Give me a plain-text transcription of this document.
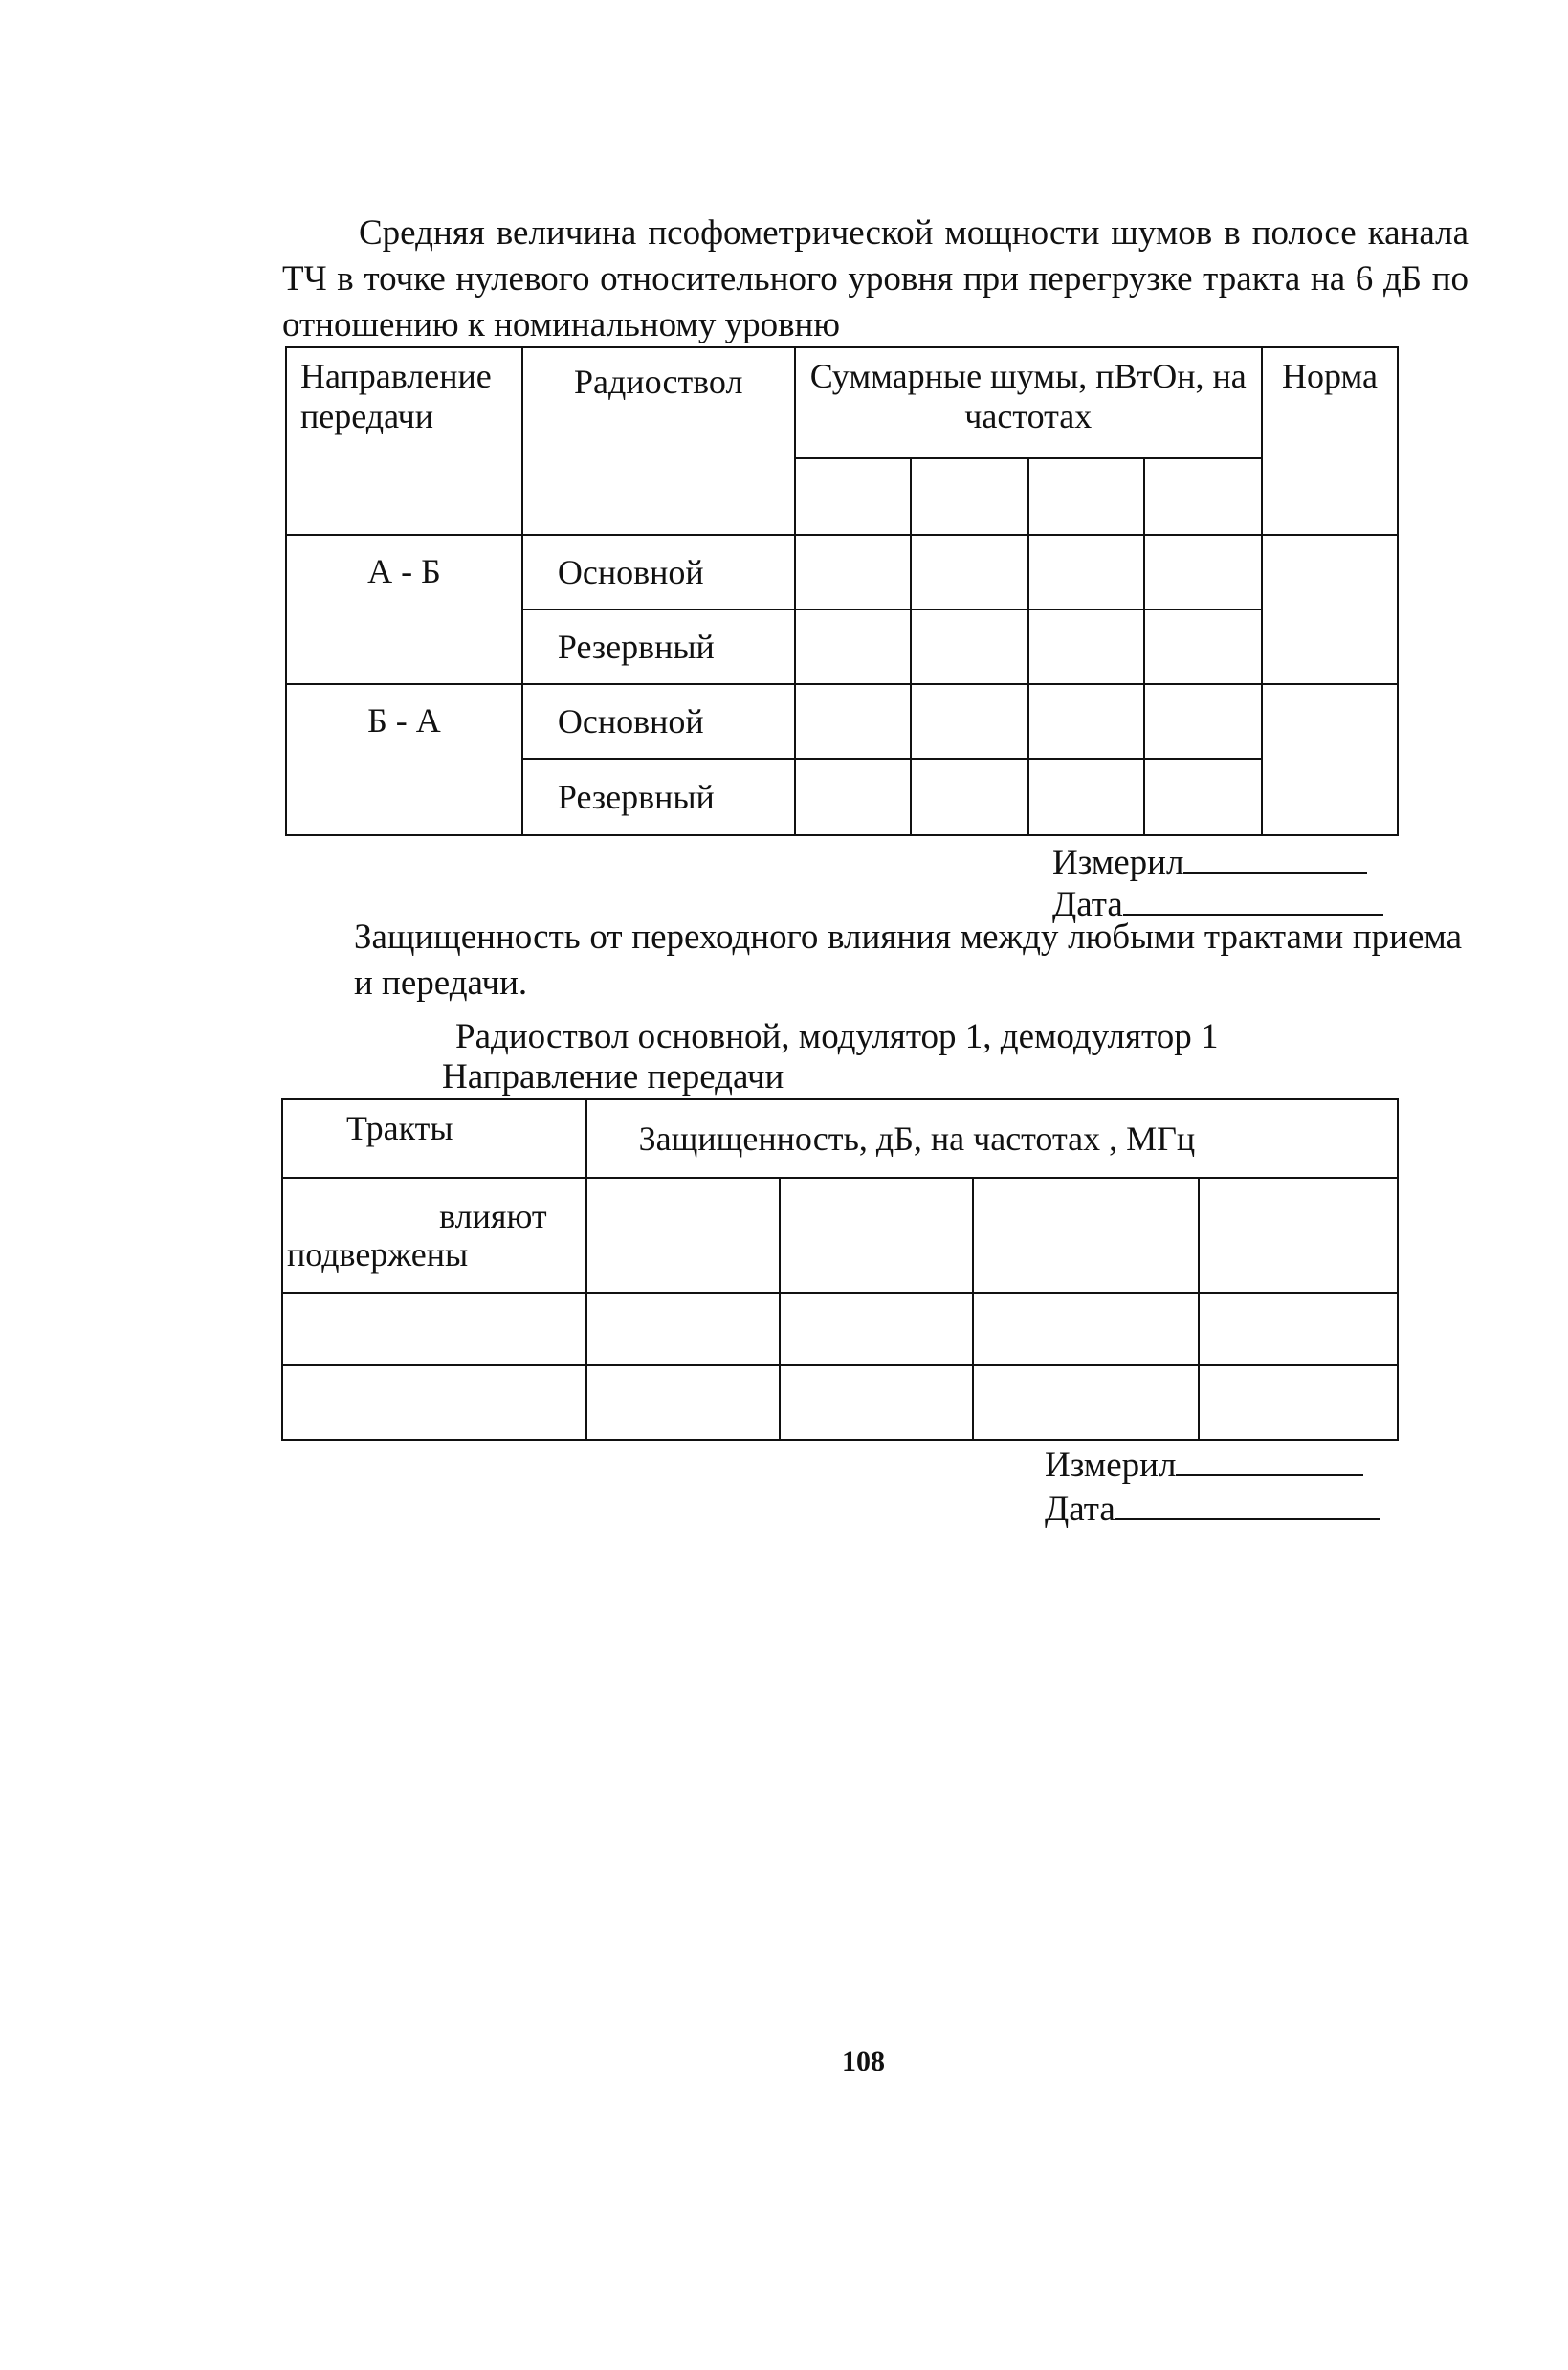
Средняя величина псофометрической мощности шумов в полосе канала ТЧ в точке нулевого относительного уровня при перегрузке тракта на 6 дБ по отношению к номинальному уровню

Направление передачи	Радиоствол	Суммарные шумы, пВтОн, на частотах				Норма

А - Б	Основной					
	Резервный					
Б - А	Основной					
	Резервный					
Измерил
Дата

Защищенность от переходного влияния между любыми трактами приема и передачи.

Радиоствол основной, модулятор 1, демодулятор 1
Направление передачи
Тракты	Защищенность, дБ, на частотах , МГц			

влияют
подвержены				

Измерил
Дата
108
